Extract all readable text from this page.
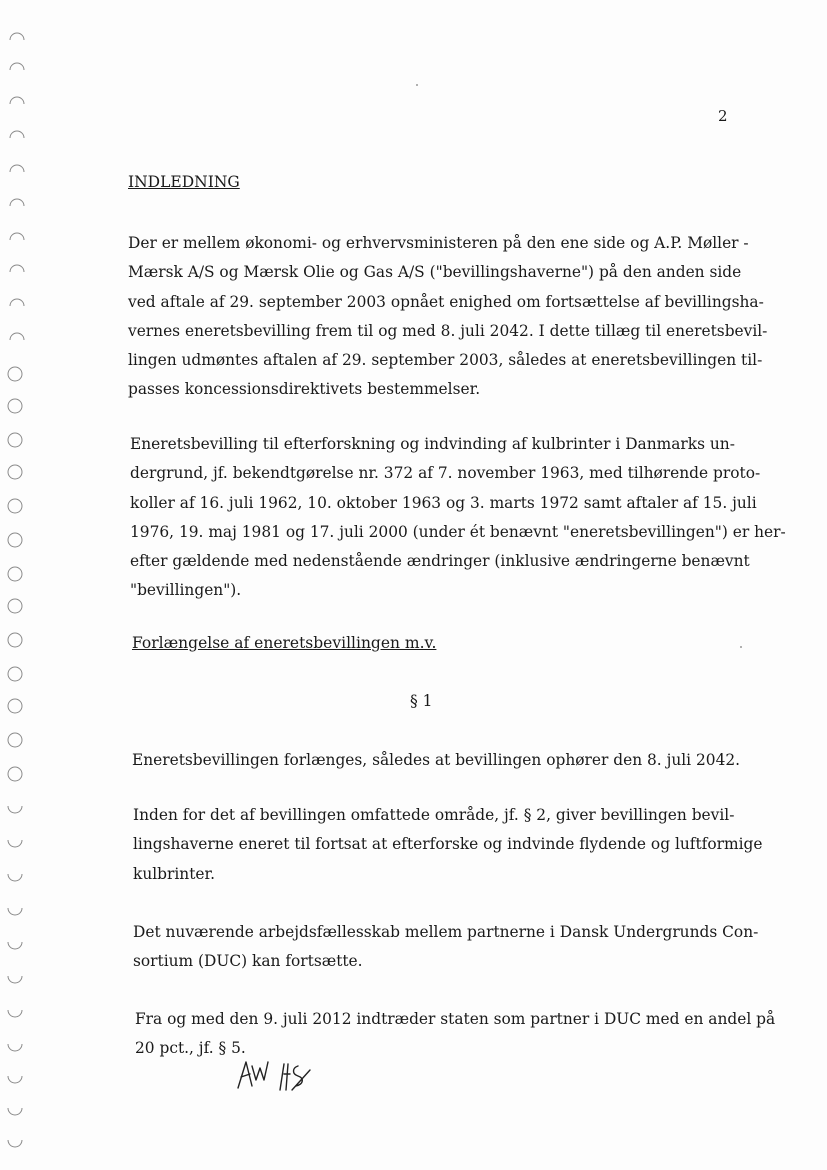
2
INDLEDNING

Der er mellem økonomi- og erhvervsministeren på den ene side og A.P. Møller -
Mærsk A/S og Mærsk Olie og Gas A/S ("bevillingshaverne") på den anden side
ved aftale af 29. september 2003 opnået enighed om fortsættelse af bevillingsha-
vernes eneretsbevilling frem til og med 8. juli 2042. I dette tillæg til eneretsbevil-
lingen udmøntes aftalen af 29. september 2003, således at eneretsbevillingen til-
passes koncessionsdirektivets bestemmelser.

Eneretsbevilling til efterforskning og indvinding af kulbrinter i Danmarks un-
dergrund, jf. bekendtgørelse nr. 372 af 7. november 1963, med tilhørende proto-
koller af 16. juli 1962, 10. oktober 1963 og 3. marts 1972 samt aftaler af 15. juli
1976, 19. maj 1981 og 17. juli 2000 (under ét benævnt "eneretsbevillingen") er her-
efter gældende med nedenstående ændringer (inklusive ændringerne benævnt
"bevillingen").

Forlængelse af eneretsbevillingen m.v.
§ 1

Eneretsbevillingen forlænges, således at bevillingen ophører den 8. juli 2042.

Inden for det af bevillingen omfattede område, jf. § 2, giver bevillingen bevil-
lingshaverne eneret til fortsat at efterforske og indvinde flydende og luftformige
kulbrinter.

Det nuværende arbejdsfællesskab mellem partnerne i Dansk Undergrunds Con-
sortium (DUC) kan fortsætte.

Fra og med den 9. juli 2012 indtræder staten som partner i DUC med en andel på
20 pct., jf. § 5.
